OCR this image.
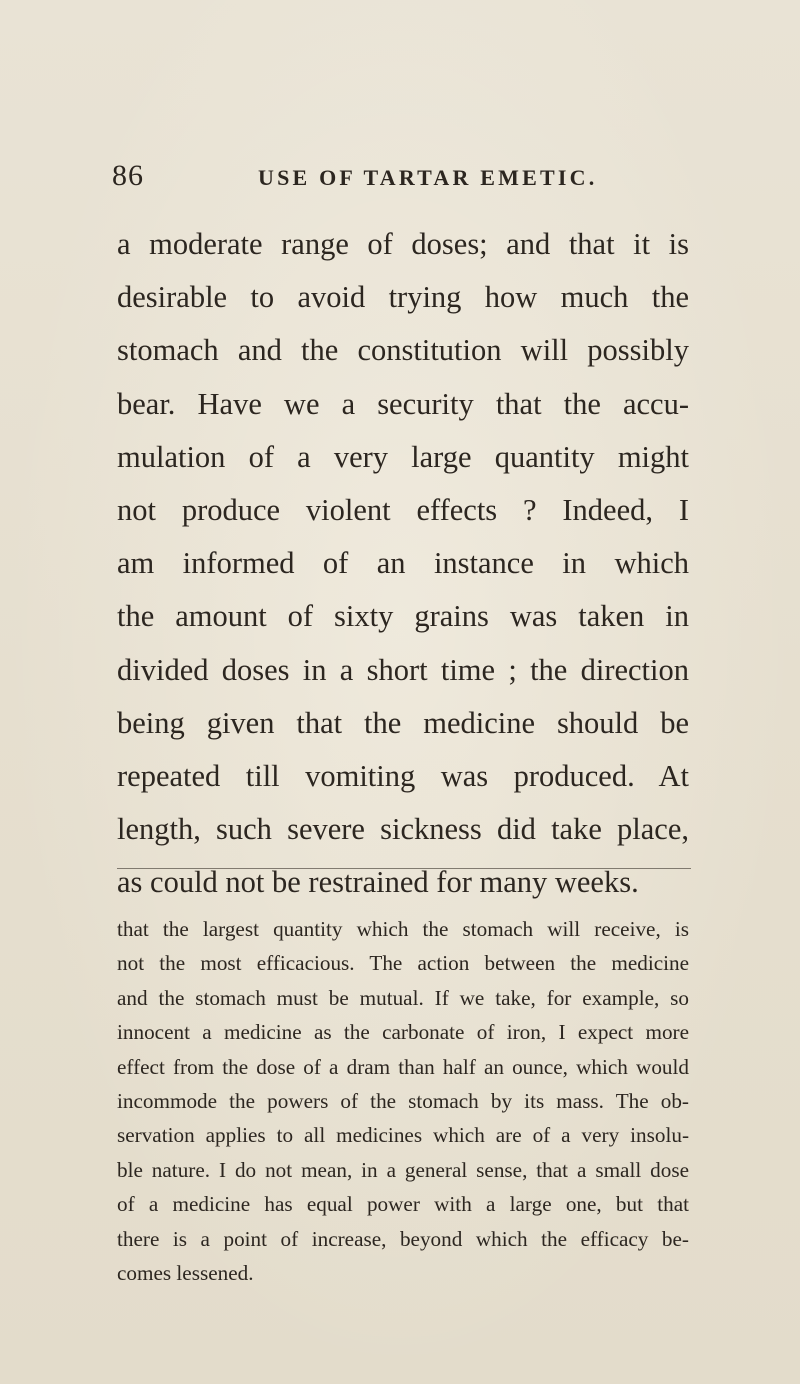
86	USE OF TARTAR EMETIC.
a moderate range of doses; and that it is
desirable to avoid trying how much the
stomach and the constitution will possibly
bear. Have we a security that the accu-
mulation of a very large quantity might
not produce violent effects ? Indeed, I
am informed of an instance in which
the amount of sixty grains was taken in
divided doses in a short time ; the direction
being given that the medicine should be
repeated till vomiting was produced. At
length, such severe sickness did take place,
as could not be restrained for many weeks.
that the largest quantity which the stomach will receive, is
not the most efficacious. The action between the medicine
and the stomach must be mutual. If we take, for example, so
innocent a medicine as the carbonate of iron, I expect more
effect from the dose of a dram than half an ounce, which would
incommode the powers of the stomach by its mass. The ob-
servation applies to all medicines which are of a very insolu-
ble nature. I do not mean, in a general sense, that a small dose
of a medicine has equal power with a large one, but that
there is a point of increase, beyond which the efficacy be-
comes lessened.
